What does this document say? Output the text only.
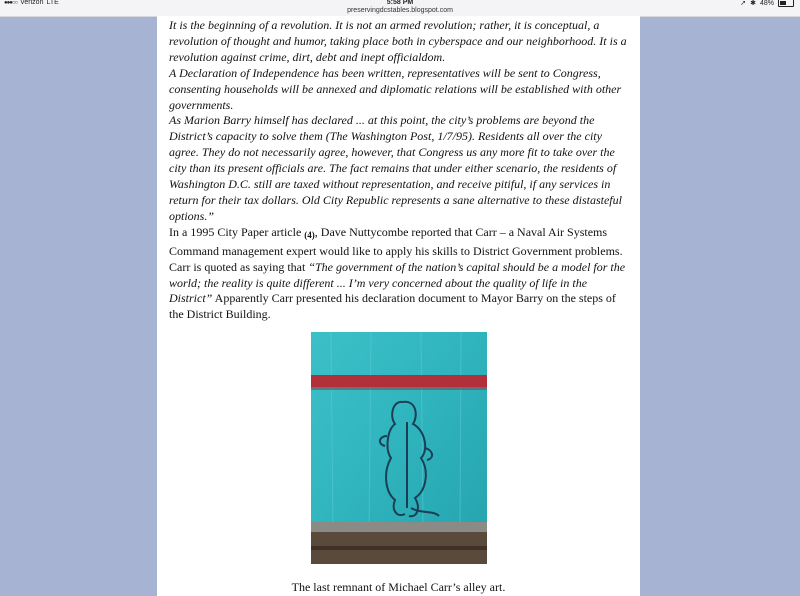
●●●○○ Verizon LTE	5:58 PM
preservingdcstables.blogspot.com
➚ ✱ 48%

It is the beginning of a revolution. It is not an armed revolution; rather, it is conceptual, a revolution of thought and humor, taking place both in cyberspace and our neighborhood. It is a revolution against crime, dirt, debt and inept officialdom.

A Declaration of Independence has been written, representatives will be sent to Congress, consenting households will be annexed and diplomatic relations will be established with other governments.

As Marion Barry himself has declared ... at this point, the city’s problems are beyond the District’s capacity to solve them (The Washington Post, 1/7/95). Residents all over the city agree. They do not necessarily agree, however, that Congress us any more fit to take over the city than its present officials are. The fact remains that under either scenario, the residents of Washington D.C. still are taxed without representation, and receive pitiful, if any services in return for their tax dollars. Old City Republic represents a sane alternative to these distasteful options.”

In a 1995 City Paper article (4), Dave Nuttycombe reported that Carr – a Naval Air Systems Command management expert would like to apply his skills to District Government problems. Carr is quoted as saying that “The government of the nation’s capital should be a model for the world; the reality is quite different ... I’m very concerned about the quality of life in the District” Apparently Carr presented his declaration document to Mayor Barry on the steps of the District Building.

The last remnant of Michael Carr’s alley art.
